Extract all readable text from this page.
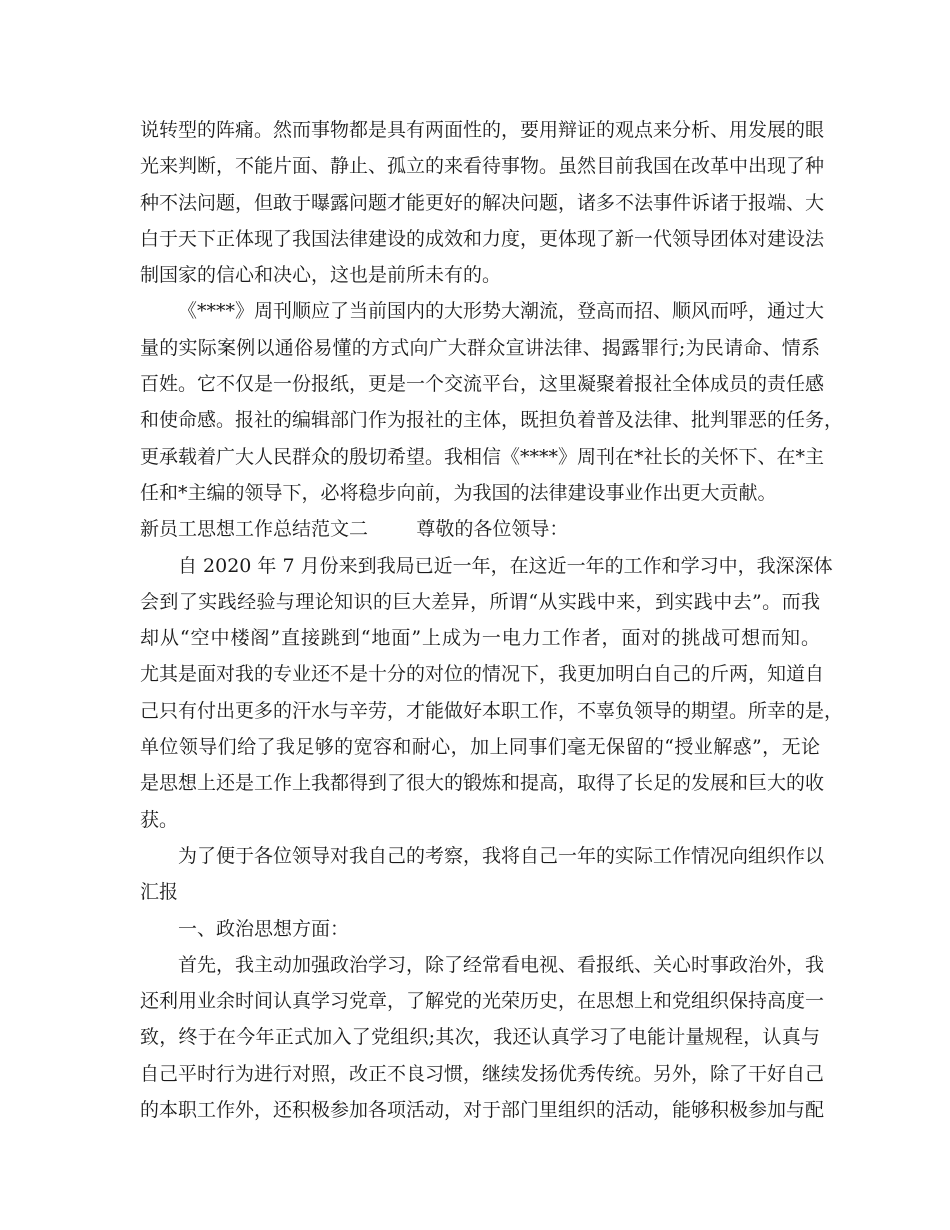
说转型的阵痛。然而事物都是具有两面性的，要用辩证的观点来分析、用发展的眼
光来判断，不能片面、静止、孤立的来看待事物。虽然目前我国在改革中出现了种
种不法问题，但敢于曝露问题才能更好的解决问题，诸多不法事件诉诸于报端、大
白于天下正体现了我国法律建设的成效和力度，更体现了新一代领导团体对建设法
制国家的信心和决心，这也是前所未有的。
《****》周刊顺应了当前国内的大形势大潮流，登高而招、顺风而呼，通过大
量的实际案例以通俗易懂的方式向广大群众宣讲法律、揭露罪行;为民请命、情系
百姓。它不仅是一份报纸，更是一个交流平台，这里凝聚着报社全体成员的责任感
和使命感。报社的编辑部门作为报社的主体，既担负着普及法律、批判罪恶的任务，
更承载着广大人民群众的殷切希望。我相信《****》周刊在*社长的关怀下、在*主
任和*主编的领导下，必将稳步向前，为我国的法律建设事业作出更大贡献。
新员工思想工作总结范文二        尊敬的各位领导：
自 2020 年 7 月份来到我局已近一年，在这近一年的工作和学习中，我深深体
会到了实践经验与理论知识的巨大差异，所谓“从实践中来，到实践中去”。而我
却从“空中楼阁”直接跳到“地面”上成为一电力工作者，面对的挑战可想而知。
尤其是面对我的专业还不是十分的对位的情况下，我更加明白自己的斤两，知道自
己只有付出更多的汗水与辛劳，才能做好本职工作，不辜负领导的期望。所幸的是，
单位领导们给了我足够的宽容和耐心，加上同事们毫无保留的“授业解惑”，无论
是思想上还是工作上我都得到了很大的锻炼和提高，取得了长足的发展和巨大的收
获。
为了便于各位领导对我自己的考察，我将自己一年的实际工作情况向组织作以
汇报
一、政治思想方面：
首先，我主动加强政治学习，除了经常看电视、看报纸、关心时事政治外，我
还利用业余时间认真学习党章，了解党的光荣历史，在思想上和党组织保持高度一
致，终于在今年正式加入了党组织;其次，我还认真学习了电能计量规程，认真与
自己平时行为进行对照，改正不良习惯，继续发扬优秀传统。另外，除了干好自己
的本职工作外，还积极参加各项活动，对于部门里组织的活动，能够积极参加与配
